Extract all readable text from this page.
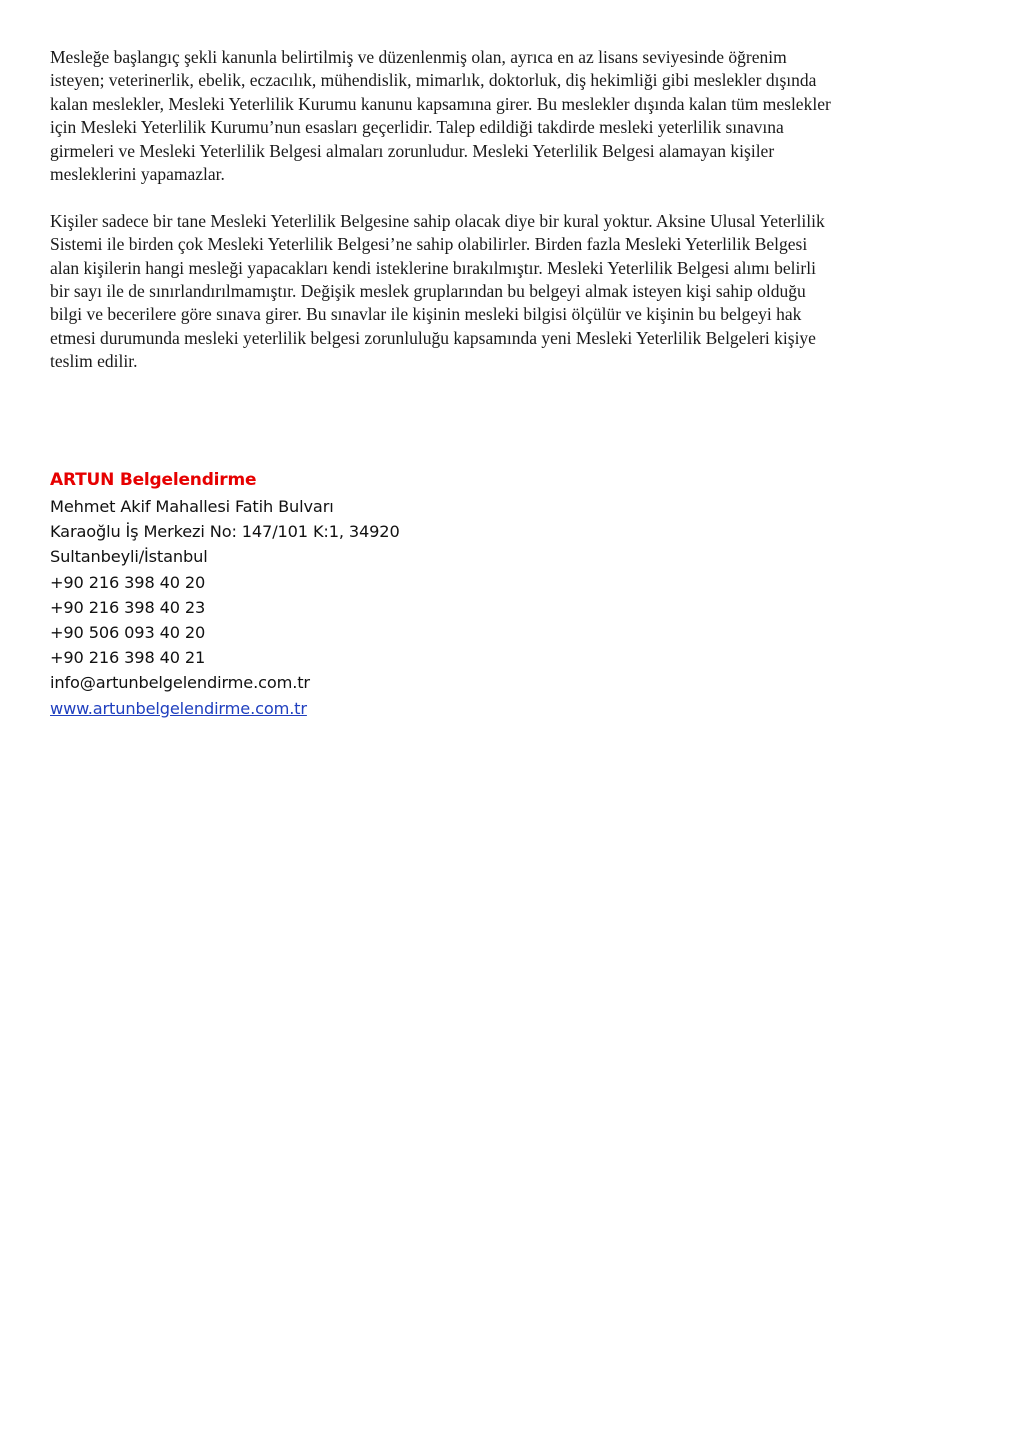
Mesleğe başlangıç şekli kanunla belirtilmiş ve düzenlenmiş olan, ayrıca en az lisans seviyesinde öğrenim
isteyen; veterinerlik, ebelik, eczacılık, mühendislik, mimarlık, doktorluk, diş hekimliği gibi meslekler dışında
kalan meslekler, Mesleki Yeterlilik Kurumu kanunu kapsamına girer. Bu meslekler dışında kalan tüm meslekler
için Mesleki Yeterlilik Kurumu’nun esasları geçerlidir. Talep edildiği takdirde mesleki yeterlilik sınavına
girmeleri ve Mesleki Yeterlilik Belgesi almaları zorunludur. Mesleki Yeterlilik Belgesi alamayan kişiler
mesleklerini yapamazlar.

Kişiler sadece bir tane Mesleki Yeterlilik Belgesine sahip olacak diye bir kural yoktur. Aksine Ulusal Yeterlilik
Sistemi ile birden çok Mesleki Yeterlilik Belgesi’ne sahip olabilirler. Birden fazla Mesleki Yeterlilik Belgesi
alan kişilerin hangi mesleği yapacakları kendi isteklerine bırakılmıştır. Mesleki Yeterlilik Belgesi alımı belirli
bir sayı ile de sınırlandırılmamıştır. Değişik meslek gruplarından bu belgeyi almak isteyen kişi sahip olduğu
bilgi ve becerilere göre sınava girer. Bu sınavlar ile kişinin mesleki bilgisi ölçülür ve kişinin bu belgeyi hak
etmesi durumunda mesleki yeterlilik belgesi zorunluluğu kapsamında yeni Mesleki Yeterlilik Belgeleri kişiye
teslim edilir.

ARTUN Belgelendirme
Mehmet Akif Mahallesi Fatih Bulvarı
Karaoğlu İş Merkezi No: 147/101 K:1, 34920
Sultanbeyli/İstanbul
+90 216 398 40 20
+90 216 398 40 23
+90 506 093 40 20
+90 216 398 40 21
info@artunbelgelendirme.com.tr
www.artunbelgelendirme.com.tr
